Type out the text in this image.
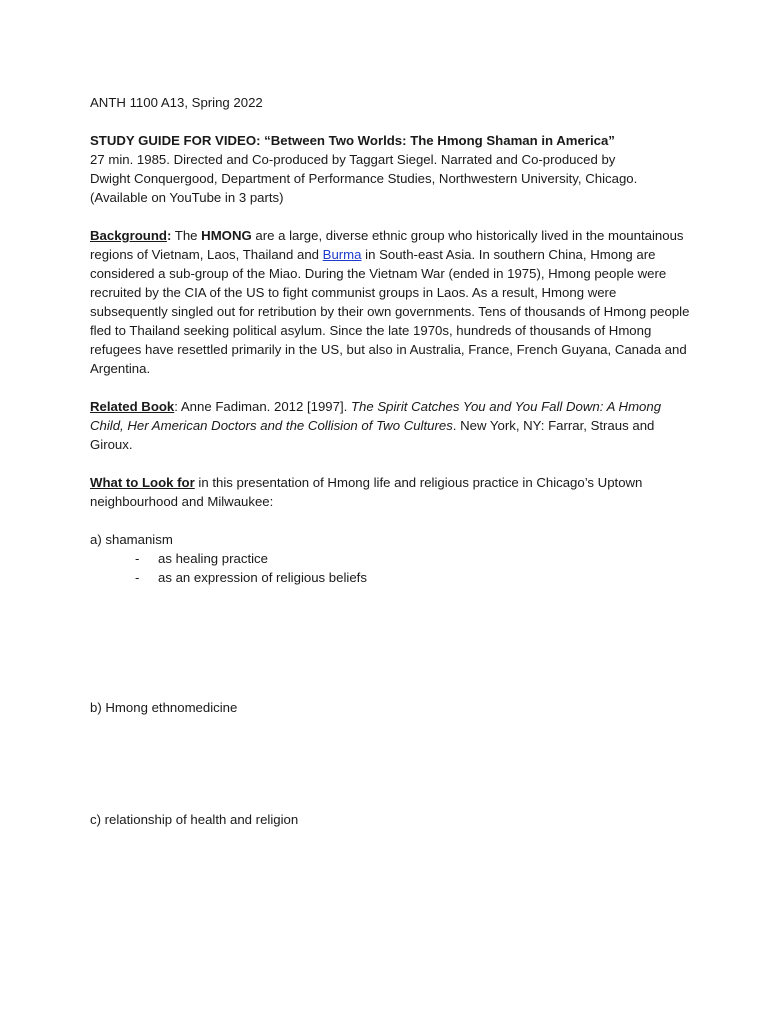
ANTH 1100 A13, Spring 2022

STUDY GUIDE FOR VIDEO: “Between Two Worlds: The Hmong Shaman in America”

27 min. 1985. Directed and Co-produced by Taggart Siegel. Narrated and Co-produced by

Dwight Conquergood, Department of Performance Studies, Northwestern University, Chicago.

(Available on YouTube in 3 parts)

Background: The HMONG are a large, diverse ethnic group who historically lived in the mountainous regions of Vietnam, Laos, Thailand and Burma in South-east Asia. In southern China, Hmong are considered a sub-group of the Miao. During the Vietnam War (ended in 1975), Hmong people were recruited by the CIA of the US to fight communist groups in Laos. As a result, Hmong were subsequently singled out for retribution by their own governments. Tens of thousands of Hmong people fled to Thailand seeking political asylum. Since the late 1970s, hundreds of thousands of Hmong refugees have resettled primarily in the US, but also in Australia, France, French Guyana, Canada and Argentina.

Related Book: Anne Fadiman. 2012 [1997]. The Spirit Catches You and You Fall Down: A Hmong Child, Her American Doctors and the Collision of Two Cultures. New York, NY: Farrar, Straus and Giroux.

What to Look for in this presentation of Hmong life and religious practice in Chicago’s Uptown neighbourhood and Milwaukee:

a) shamanism

- as healing practice

- as an expression of religious beliefs

b) Hmong ethnomedicine

c) relationship of health and religion
